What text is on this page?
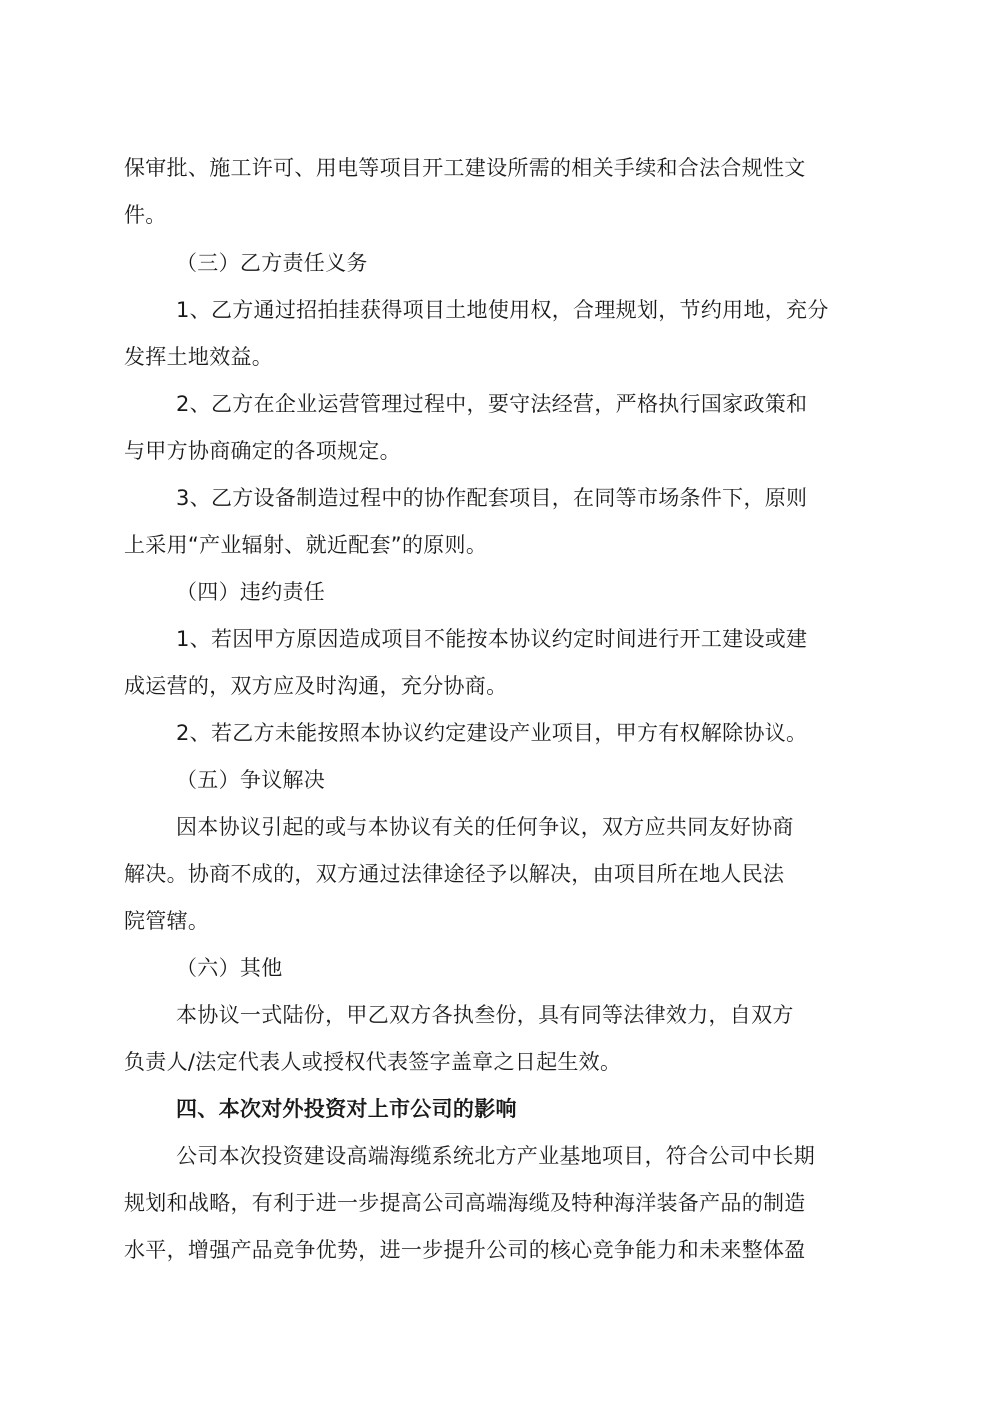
保审批、施工许可、用电等项目开工建设所需的相关手续和合法合规性文
件。
（三）乙方责任义务
1、乙方通过招拍挂获得项目土地使用权，合理规划，节约用地，充分
发挥土地效益。
2、乙方在企业运营管理过程中，要守法经营，严格执行国家政策和
与甲方协商确定的各项规定。
3、乙方设备制造过程中的协作配套项目，在同等市场条件下，原则
上采用“产业辐射、就近配套”的原则。
（四）违约责任
1、若因甲方原因造成项目不能按本协议约定时间进行开工建设或建
成运营的，双方应及时沟通，充分协商。
2、若乙方未能按照本协议约定建设产业项目，甲方有权解除协议。
（五）争议解决
因本协议引起的或与本协议有关的任何争议，双方应共同友好协商
解决。协商不成的，双方通过法律途径予以解决，由项目所在地人民法
院管辖。
（六）其他
本协议一式陆份，甲乙双方各执叁份，具有同等法律效力，自双方
负责人/法定代表人或授权代表签字盖章之日起生效。
四、本次对外投资对上市公司的影响
公司本次投资建设高端海缆系统北方产业基地项目，符合公司中长期
规划和战略，有利于进一步提高公司高端海缆及特种海洋装备产品的制造
水平，增强产品竞争优势，进一步提升公司的核心竞争能力和未来整体盈
